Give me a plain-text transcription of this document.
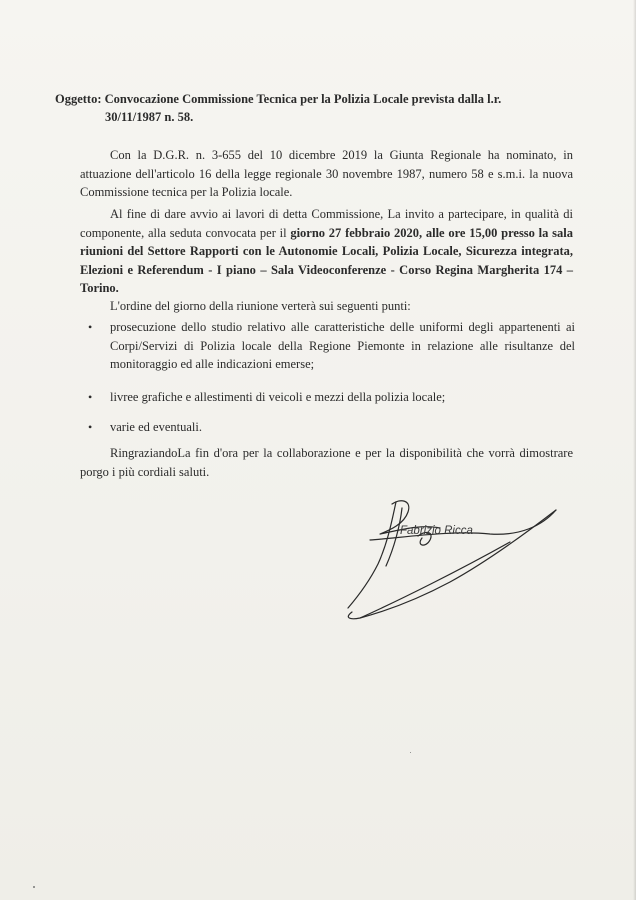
Oggetto: Convocazione Commissione Tecnica per la Polizia Locale prevista dalla l.r.
30/11/1987 n. 58.
Con la D.G.R. n. 3-655 del 10 dicembre 2019 la Giunta Regionale ha nominato, in attuazione dell'articolo 16 della legge regionale 30 novembre 1987, numero 58 e s.m.i. la nuova Commissione tecnica per la Polizia locale.
Al fine di dare avvio ai lavori di detta Commissione, La invito a partecipare, in qualità di componente, alla seduta convocata per il giorno 27 febbraio 2020, alle ore 15,00 presso la sala riunioni del Settore Rapporti con le Autonomie Locali, Polizia Locale, Sicurezza integrata, Elezioni e Referendum - I piano – Sala Videoconferenze - Corso Regina Margherita 174 – Torino.
L'ordine del giorno della riunione verterà sui seguenti punti:
• prosecuzione dello studio relativo alle caratteristiche delle uniformi degli appartenenti ai Corpi/Servizi di Polizia locale della Regione Piemonte in relazione alle risultanze del monitoraggio ed alle indicazioni emerse;
• livree grafiche e allestimenti di veicoli e mezzi della polizia locale;
• varie ed eventuali.
RingraziandoLa fin d'ora per la collaborazione e per la disponibilità che vorrà dimostrare porgo i più cordiali saluti.
Fabrizio Ricca
